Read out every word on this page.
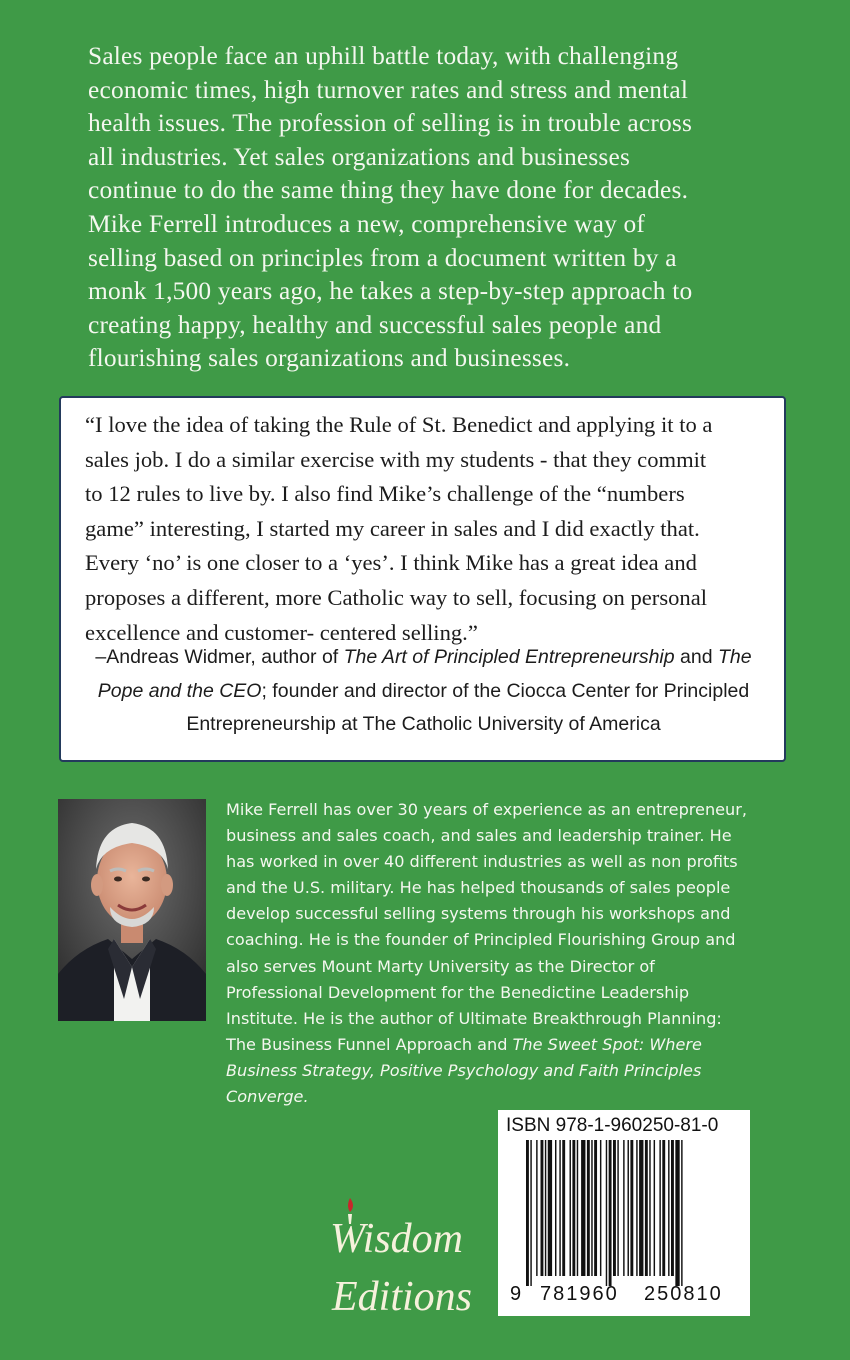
Sales people face an uphill battle today, with challenging
economic times, high turnover rates and stress and mental
health issues. The profession of selling is in trouble across
all industries. Yet sales organizations and businesses
continue to do the same thing they have done for decades.
Mike Ferrell introduces a new, comprehensive way of
selling based on principles from a document written by a
monk 1,500 years ago, he takes a step-by-step approach to
creating happy, healthy and successful sales people and
flourishing sales organizations and businesses.
“I love the idea of taking the Rule of St. Benedict and applying it to a
sales job. I do a similar exercise with my students - that they commit
to 12 rules to live by. I also find Mike’s challenge of the “numbers
game” interesting, I started my career in sales and I did exactly that.
Every ‘no’ is one closer to a ‘yes’. I think Mike has a great idea and
proposes a different, more Catholic way to sell, focusing on personal
excellence and customer- centered selling.”
–Andreas Widmer, author of The Art of Principled Entrepreneurship and The
Pope and the CEO; founder and director of the Ciocca Center for Principled
Entrepreneurship at The Catholic University of America
Mike Ferrell has over 30 years of experience as an entrepreneur,
business and sales coach, and sales and leadership trainer. He
has worked in over 40 different industries as well as non profits
and the U.S. military. He has helped thousands of sales people
develop successful selling systems through his workshops and
coaching. He is the founder of Principled Flourishing Group and
also serves Mount Marty University as the Director of
Professional Development for the Benedictine Leadership
Institute. He is the author of Ultimate Breakthrough Planning:
The Business Funnel Approach and The Sweet Spot: Where
Business Strategy, Positive Psychology and Faith Principles
Converge.
Wisdom
Editions
ISBN 978-1-960250-81-0
9 781960 250810
